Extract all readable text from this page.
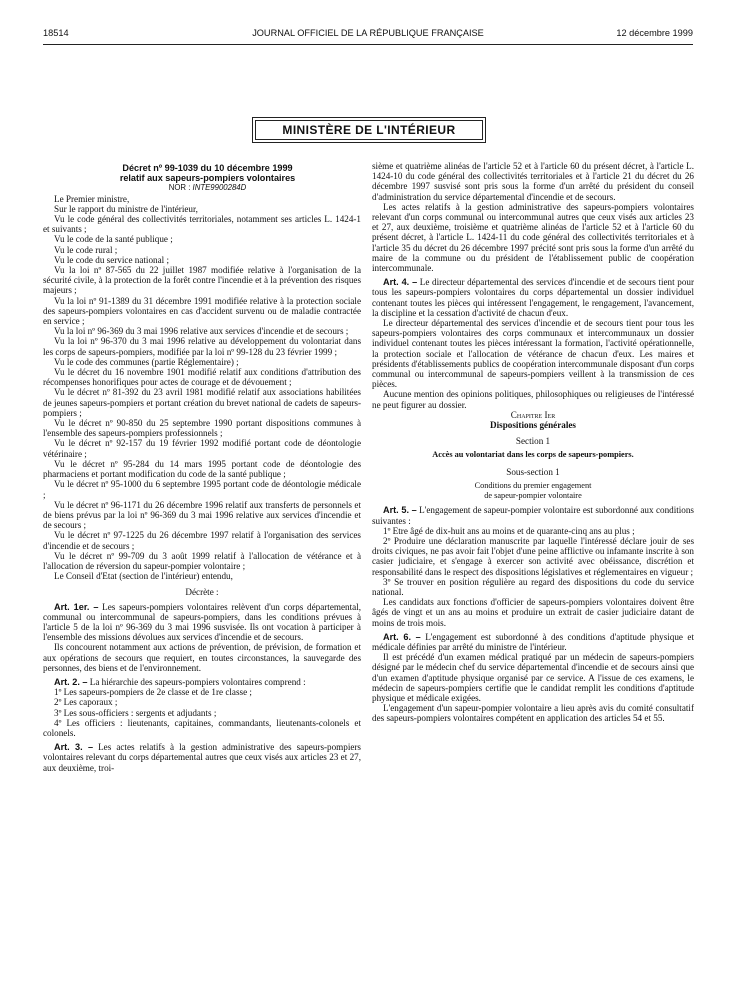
18514	JOURNAL OFFICIEL DE LA RÉPUBLIQUE FRANÇAISE	12 décembre 1999
MINISTÈRE DE L'INTÉRIEUR

Décret nº 99-1039 du 10 décembre 1999

relatif aux sapeurs-pompiers volontaires

NOR : INTE9900284D

Le Premier ministre,

Sur le rapport du ministre de l'intérieur,

Vu le code général des collectivités territoriales, notamment ses articles L. 1424-1 et suivants ;

Vu le code de la santé publique ;

Vu le code rural ;

Vu le code du service national ;

Vu la loi nº 87-565 du 22 juillet 1987 modifiée relative à l'organisation de la sécurité civile, à la protection de la forêt contre l'incendie et à la prévention des risques majeurs ;

Vu la loi nº 91-1389 du 31 décembre 1991 modifiée relative à la protection sociale des sapeurs-pompiers volontaires en cas d'accident survenu ou de maladie contractée en service ;

Vu la loi nº 96-369 du 3 mai 1996 relative aux services d'incendie et de secours ;

Vu la loi nº 96-370 du 3 mai 1996 relative au développement du volontariat dans les corps de sapeurs-pompiers, modifiée par la loi nº 99-128 du 23 février 1999 ;

Vu le code des communes (partie Réglementaire) ;

Vu le décret du 16 novembre 1901 modifié relatif aux conditions d'attribution des récompenses honorifiques pour actes de courage et de dévouement ;

Vu le décret nº 81-392 du 23 avril 1981 modifié relatif aux associations habilitées de jeunes sapeurs-pompiers et portant création du brevet national de cadets de sapeurs-pompiers ;

Vu le décret nº 90-850 du 25 septembre 1990 portant dispositions communes à l'ensemble des sapeurs-pompiers professionnels ;

Vu le décret nº 92-157 du 19 février 1992 modifié portant code de déontologie vétérinaire ;

Vu le décret nº 95-284 du 14 mars 1995 portant code de déontologie des pharmaciens et portant modification du code de la santé publique ;

Vu le décret nº 95-1000 du 6 septembre 1995 portant code de déontologie médicale ;

Vu le décret nº 96-1171 du 26 décembre 1996 relatif aux transferts de personnels et de biens prévus par la loi nº 96-369 du 3 mai 1996 relative aux services d'incendie et de secours ;

Vu le décret nº 97-1225 du 26 décembre 1997 relatif à l'organisation des services d'incendie et de secours ;

Vu le décret nº 99-709 du 3 août 1999 relatif à l'allocation de vétérance et à l'allocation de réversion du sapeur-pompier volontaire ;

Le Conseil d'Etat (section de l'intérieur) entendu,

Décrète :

Art. 1er. – Les sapeurs-pompiers volontaires relèvent d'un corps départemental, communal ou intercommunal de sapeurs-pompiers, dans les conditions prévues à l'article 5 de la loi nº 96-369 du 3 mai 1996 susvisée. Ils ont vocation à participer à l'ensemble des missions dévolues aux services d'incendie et de secours.

Ils concourent notamment aux actions de prévention, de prévision, de formation et aux opérations de secours que requiert, en toutes circonstances, la sauvegarde des personnes, des biens et de l'environnement.

Art. 2. – La hiérarchie des sapeurs-pompiers volontaires comprend :

1º Les sapeurs-pompiers de 2e classe et de 1re classe ;

2º Les caporaux ;

3º Les sous-officiers : sergents et adjudants ;

4º Les officiers : lieutenants, capitaines, commandants, lieutenants-colonels et colonels.

Art. 3. – Les actes relatifs à la gestion administrative des sapeurs-pompiers volontaires relevant du corps départemental autres que ceux visés aux articles 23 et 27, aux deuxième, troi-

sième et quatrième alinéas de l'article 52 et à l'article 60 du présent décret, à l'article L. 1424-10 du code général des collectivités territoriales et à l'article 21 du décret du 26 décembre 1997 susvisé sont pris sous la forme d'un arrêté du président du conseil d'administration du service départemental d'incendie et de secours.

Les actes relatifs à la gestion administrative des sapeurs-pompiers volontaires relevant d'un corps communal ou intercommunal autres que ceux visés aux articles 23 et 27, aux deuxième, troisième et quatrième alinéas de l'article 52 et à l'article 60 du présent décret, à l'article L. 1424-11 du code général des collectivités territoriales et à l'article 35 du décret du 26 décembre 1997 précité sont pris sous la forme d'un arrêté du maire de la commune ou du président de l'établissement public de coopération intercommunale.

Art. 4. – Le directeur départemental des services d'incendie et de secours tient pour tous les sapeurs-pompiers volontaires du corps départemental un dossier individuel contenant toutes les pièces qui intéressent l'engagement, le rengagement, l'avancement, la discipline et la cessation d'activité de chacun d'eux.

Le directeur départemental des services d'incendie et de secours tient pour tous les sapeurs-pompiers volontaires des corps communaux et intercommunaux un dossier individuel contenant toutes les pièces intéressant la formation, l'activité opérationnelle, la protection sociale et l'allocation de vétérance de chacun d'eux. Les maires et présidents d'établissements publics de coopération intercommunale disposant d'un corps communal ou intercommunal de sapeurs-pompiers veillent à la transmission de ces pièces.

Aucune mention des opinions politiques, philosophiques ou religieuses de l'intéressé ne peut figurer au dossier.

Chapitre Ier

Dispositions générales

Section 1

Accès au volontariat dans les corps de sapeurs-pompiers.

Sous-section 1

Conditions du premier engagement

de sapeur-pompier volontaire

Art. 5. – L'engagement de sapeur-pompier volontaire est subordonné aux conditions suivantes :

1º Etre âgé de dix-huit ans au moins et de quarante-cinq ans au plus ;

2º Produire une déclaration manuscrite par laquelle l'intéressé déclare jouir de ses droits civiques, ne pas avoir fait l'objet d'une peine afflictive ou infamante inscrite à son casier judiciaire, et s'engage à exercer son activité avec obéissance, discrétion et responsabilité dans le respect des dispositions législatives et réglementaires en vigueur ;

3º Se trouver en position régulière au regard des dispositions du code du service national.

Les candidats aux fonctions d'officier de sapeurs-pompiers volontaires doivent être âgés de vingt et un ans au moins et produire un extrait de casier judiciaire datant de moins de trois mois.

Art. 6. – L'engagement est subordonné à des conditions d'aptitude physique et médicale définies par arrêté du ministre de l'intérieur.

Il est précédé d'un examen médical pratiqué par un médecin de sapeurs-pompiers désigné par le médecin chef du service départemental d'incendie et de secours ainsi que d'un examen d'aptitude physique organisé par ce service. A l'issue de ces examens, le médecin de sapeurs-pompiers certifie que le candidat remplit les conditions d'aptitude physique et médicale exigées.

L'engagement d'un sapeur-pompier volontaire a lieu après avis du comité consultatif des sapeurs-pompiers volontaires compétent en application des articles 54 et 55.
